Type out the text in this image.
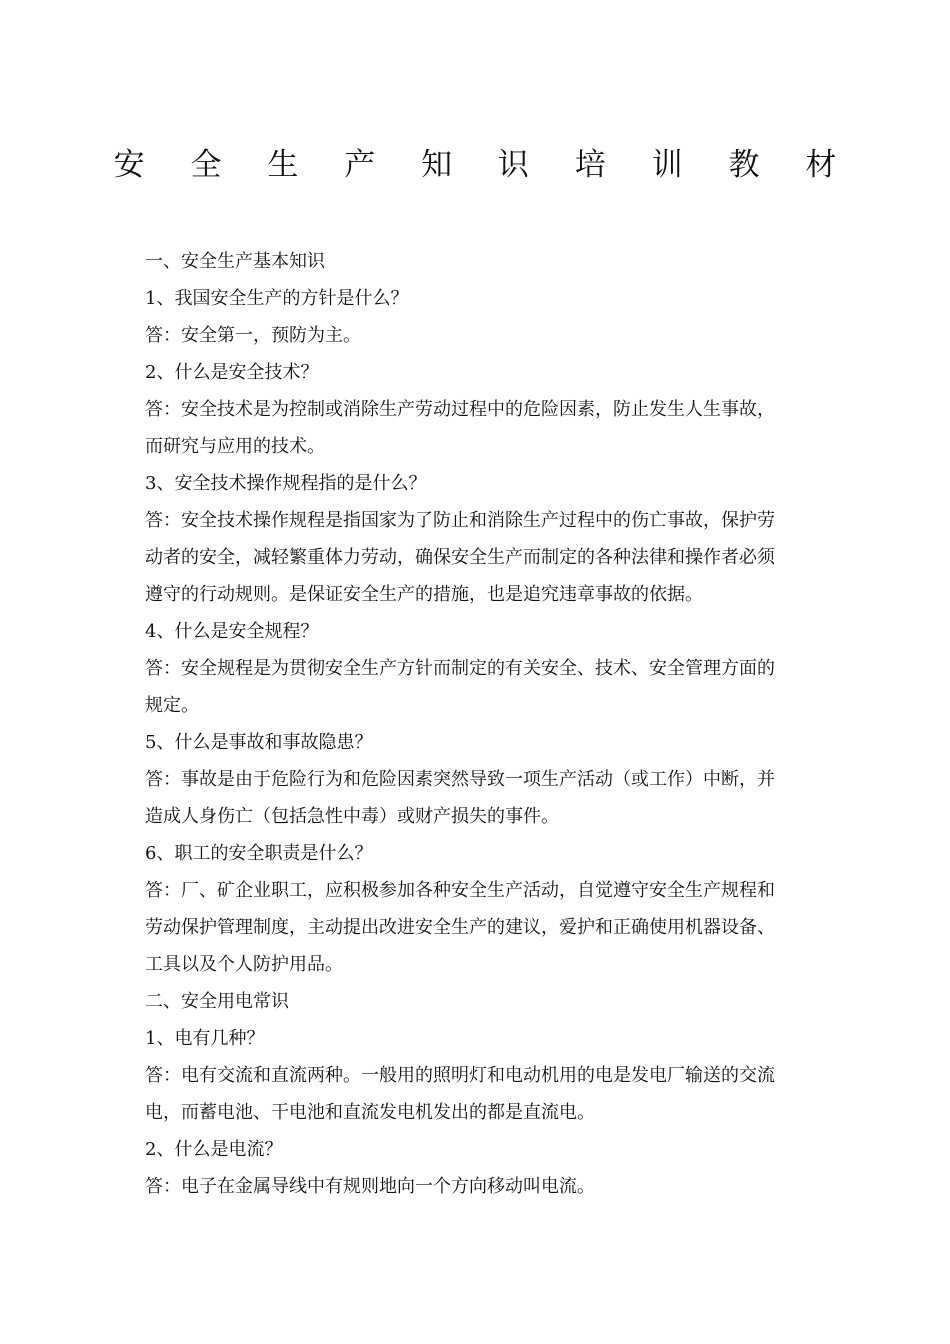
安 全 生 产 知 识 培 训 教 材
一、安全生产基本知识
1、我国安全生产的方针是什么？
答：安全第一，预防为主。
2、什么是安全技术？
答：安全技术是为控制或消除生产劳动过程中的危险因素，防止发生人生事故，
而研究与应用的技术。
3、安全技术操作规程指的是什么？
答：安全技术操作规程是指国家为了防止和消除生产过程中的伤亡事故，保护劳
动者的安全，减轻繁重体力劳动，确保安全生产而制定的各种法律和操作者必须
遵守的行动规则。是保证安全生产的措施，也是追究违章事故的依据。
4、什么是安全规程？
答：安全规程是为贯彻安全生产方针而制定的有关安全、技术、安全管理方面的
规定。
5、什么是事故和事故隐患？
答：事故是由于危险行为和危险因素突然导致一项生产活动（或工作）中断，并
造成人身伤亡（包括急性中毒）或财产损失的事件。
6、职工的安全职责是什么？
答：厂、矿企业职工，应积极参加各种安全生产活动，自觉遵守安全生产规程和
劳动保护管理制度，主动提出改进安全生产的建议，爱护和正确使用机器设备、
工具以及个人防护用品。
二、安全用电常识
1、电有几种？
答：电有交流和直流两种。一般用的照明灯和电动机用的电是发电厂输送的交流
电，而蓄电池、干电池和直流发电机发出的都是直流电。
2、什么是电流？
答：电子在金属导线中有规则地向一个方向移动叫电流。
